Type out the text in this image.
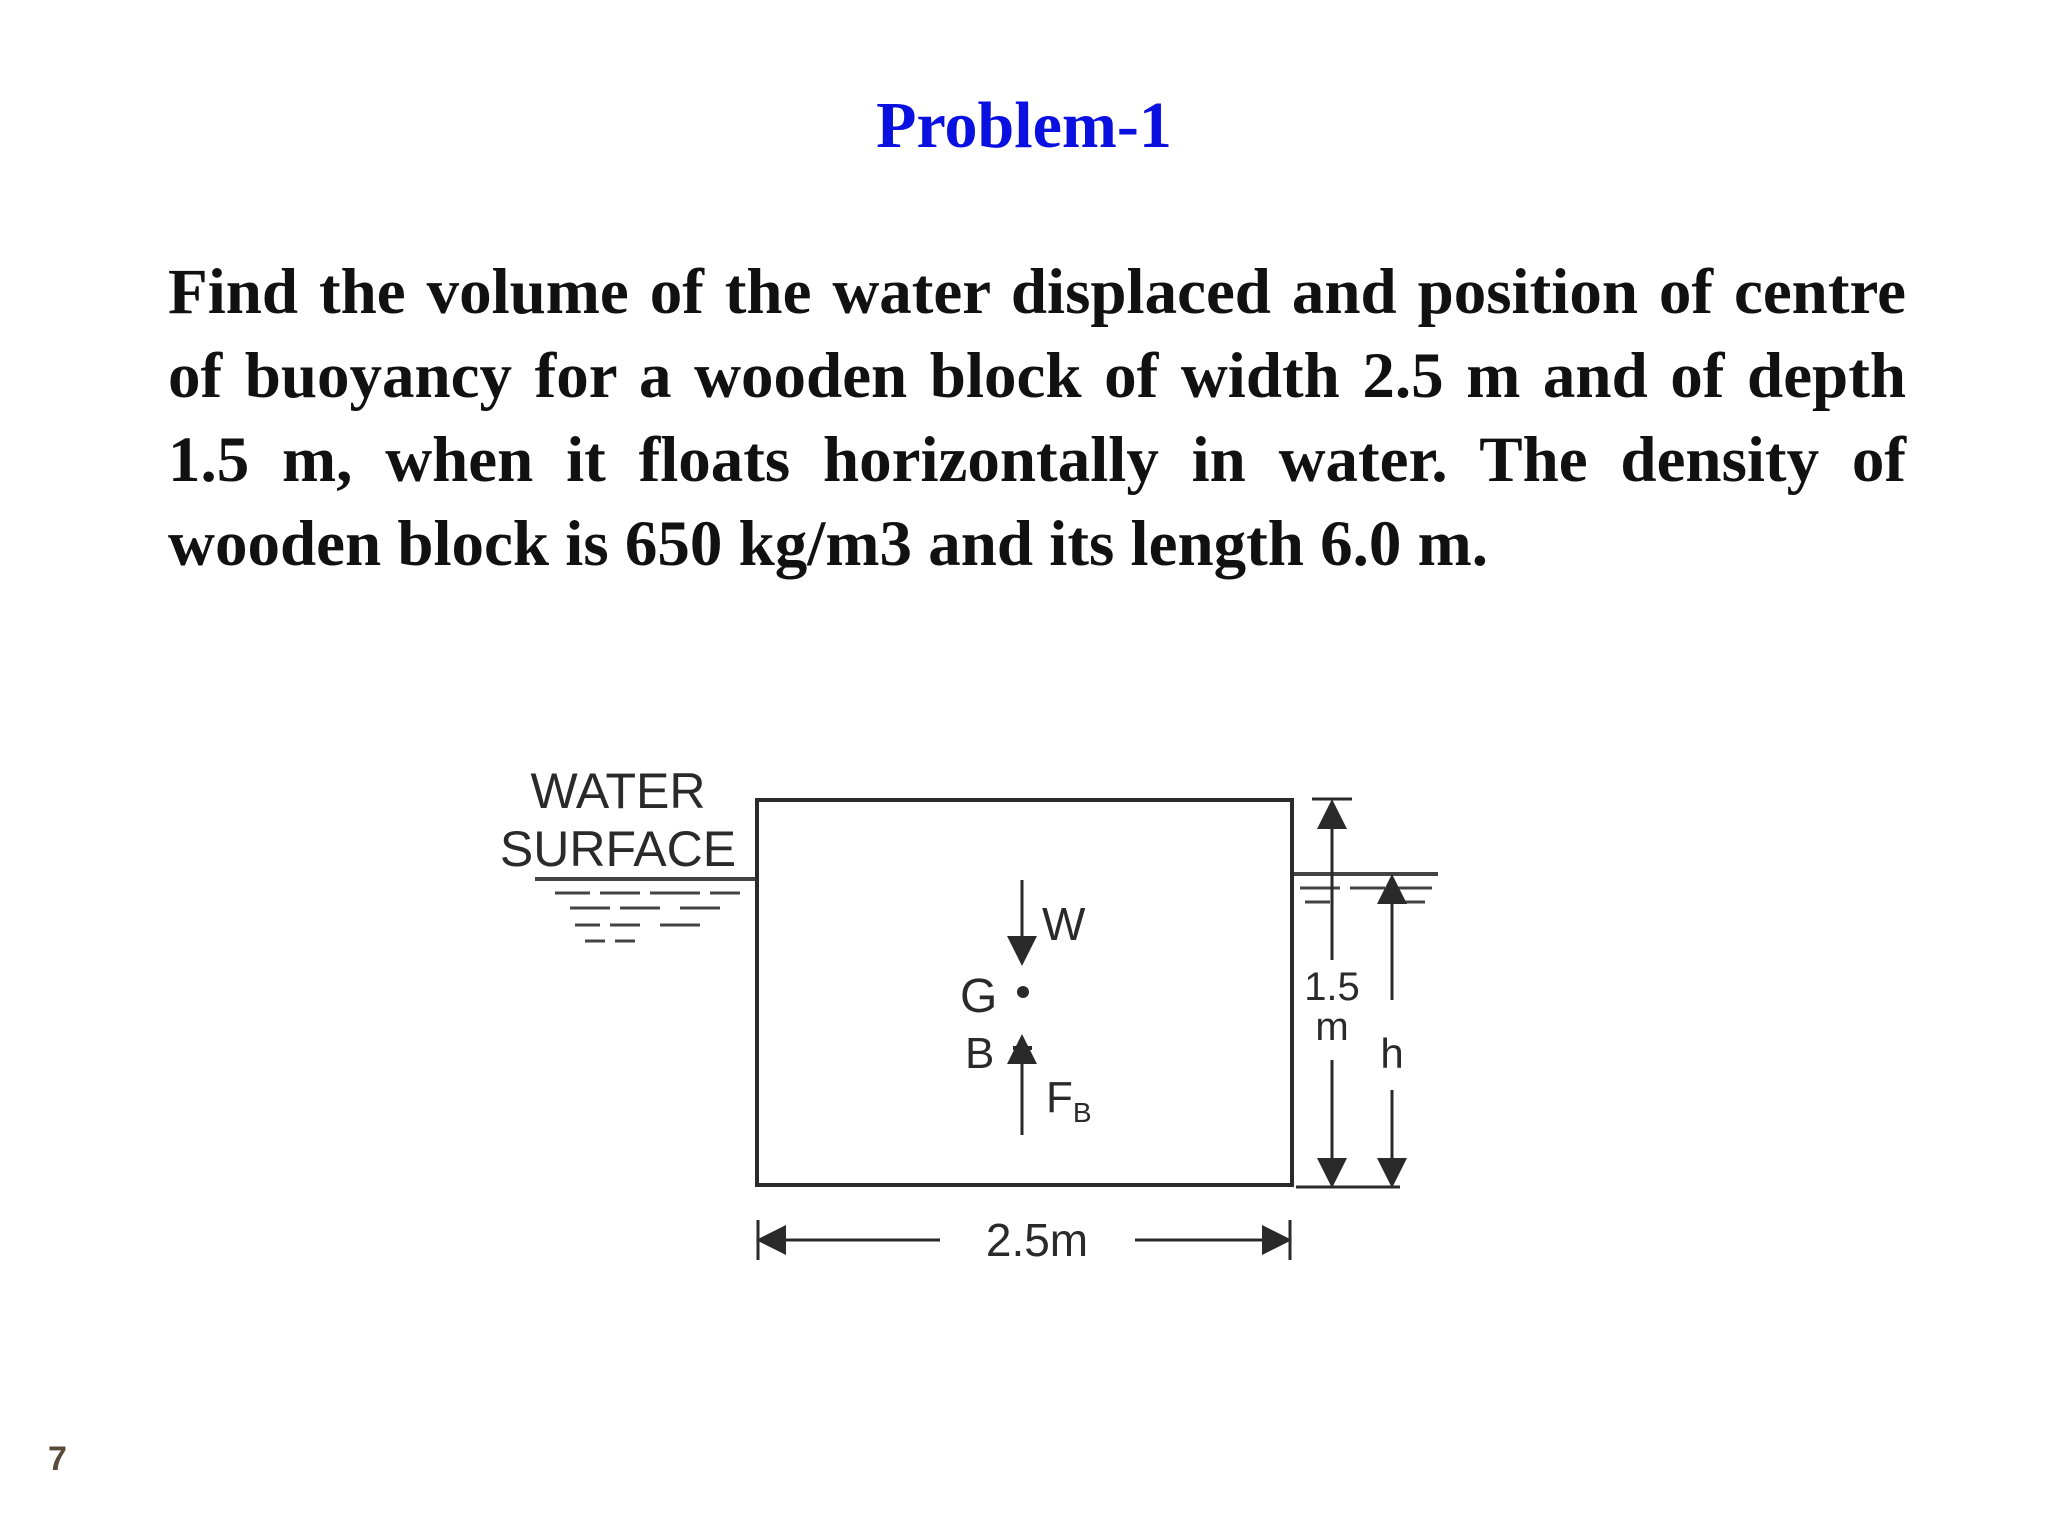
Problem-1

Find the volume of the water displaced and position of centre of buoyancy for a wooden block of width 2.5 m and of depth 1.5 m, when it floats horizontally in water. The density of wooden block is 650 kg/m3 and its length 6.0 m.

WATER
SURFACE
W
G
B
$F_B$
2.5m
1.5
m
h
7
